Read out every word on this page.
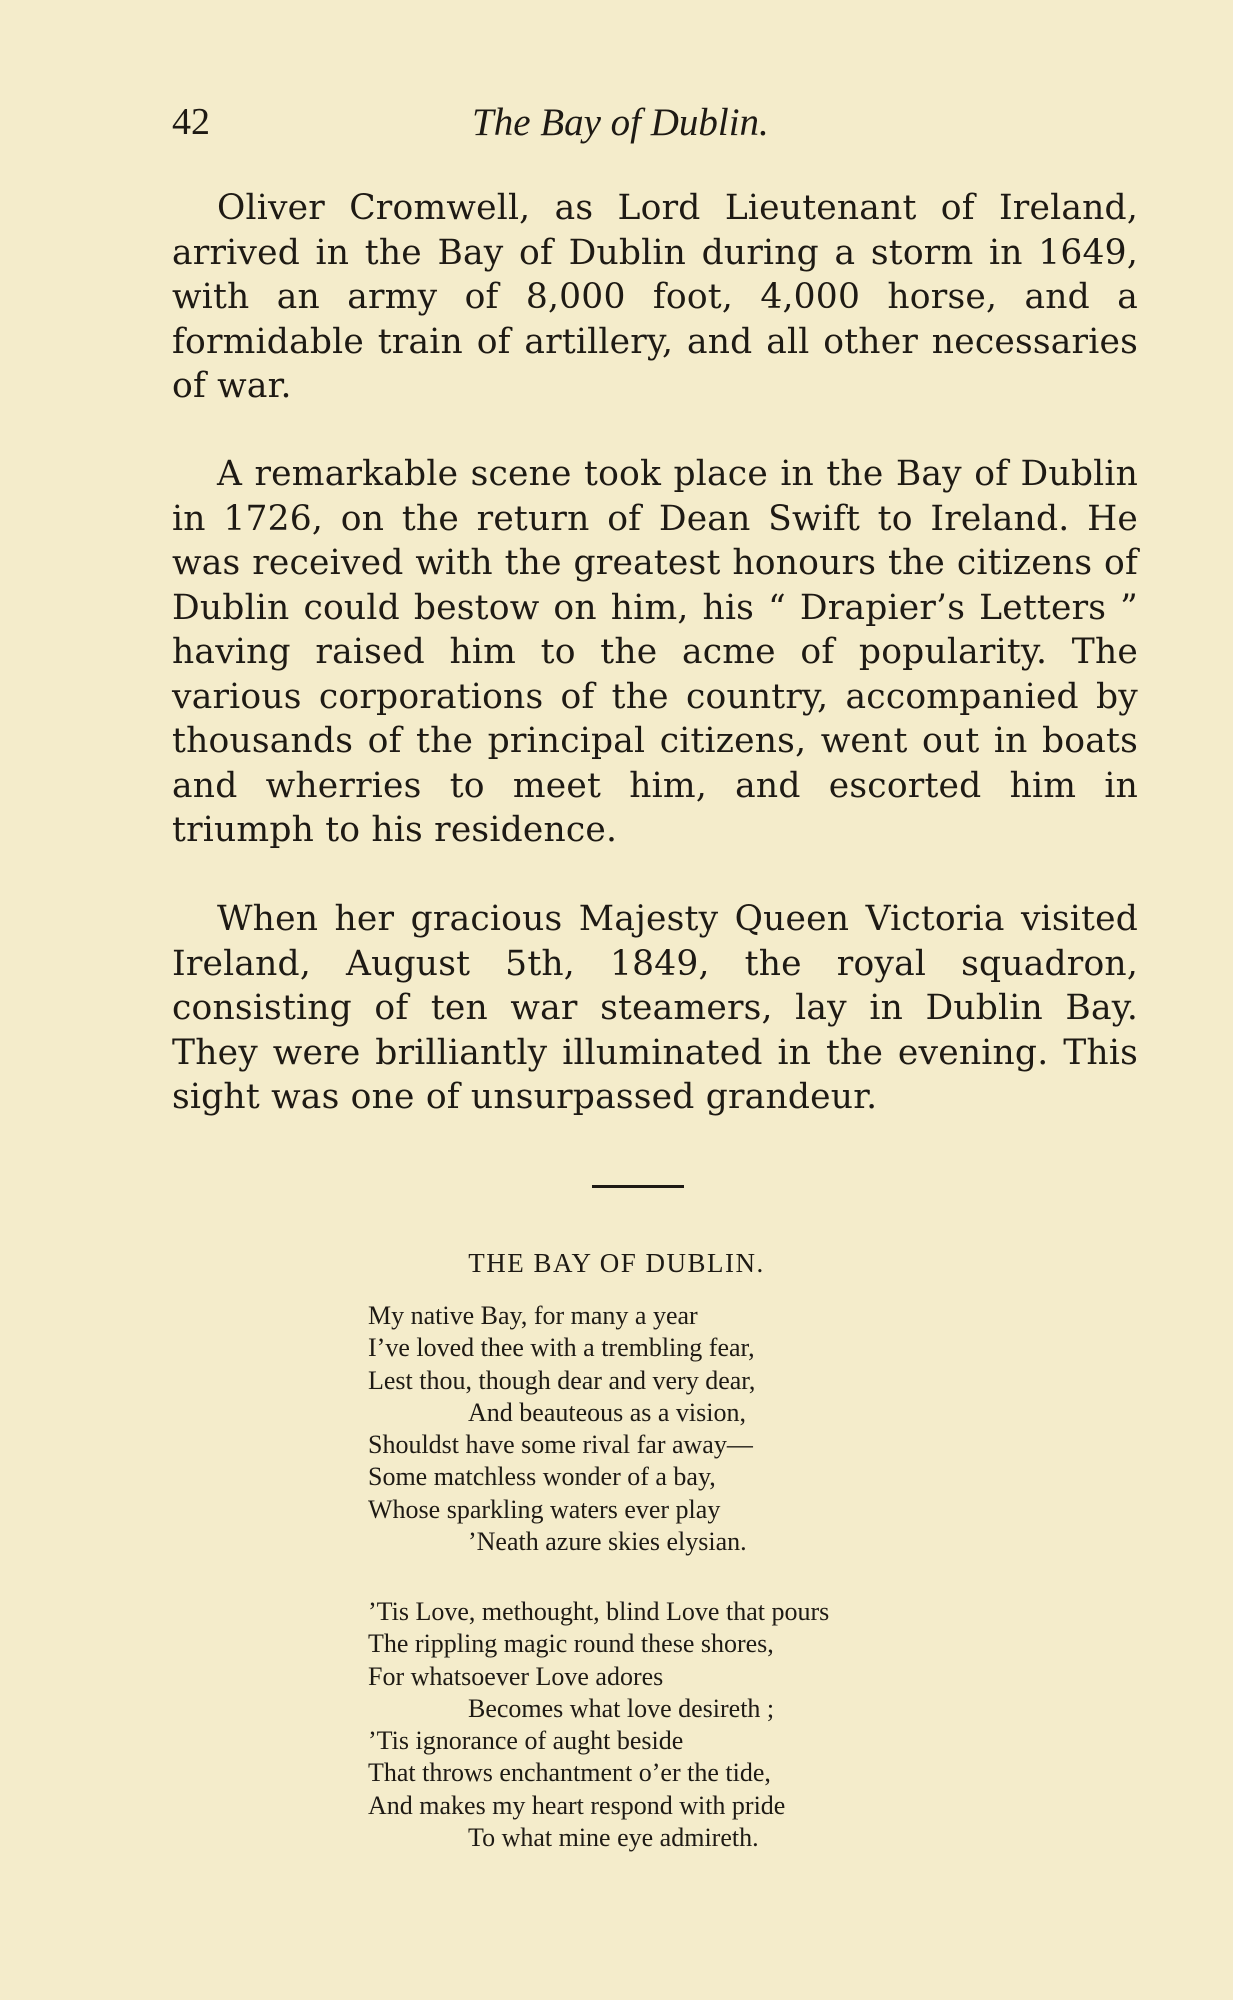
42	The Bay of Dublin.

Oliver Cromwell, as Lord Lieutenant of Ireland, arrived in the Bay of Dublin during a storm in 1649, with an army of 8,000 foot, 4,000 horse, and a formidable train of artillery, and all other necessaries of war.

A remarkable scene took place in the Bay of Dublin in 1726, on the return of Dean Swift to Ireland. He was received with the greatest honours the citizens of Dublin could bestow on him, his “ Drapier’s Letters ” having raised him to the acme of popularity. The various corporations of the country, accompanied by thousands of the principal citizens, went out in boats and wherries to meet him, and escorted him in triumph to his residence.

When her gracious Majesty Queen Victoria visited Ireland, August 5th, 1849, the royal squadron, consisting of ten war steamers, lay in Dublin Bay. They were brilliantly illuminated in the evening. This sight was one of unsurpassed grandeur.

THE BAY OF DUBLIN.
My native Bay, for many a year
I’ve loved thee with a trembling fear,
Lest thou, though dear and very dear,
And beauteous as a vision,
Shouldst have some rival far away—
Some matchless wonder of a bay,
Whose sparkling waters ever play
’Neath azure skies elysian.
’Tis Love, methought, blind Love that pours
The rippling magic round these shores,
For whatsoever Love adores
Becomes what love desireth ;
’Tis ignorance of aught beside
That throws enchantment o’er the tide,
And makes my heart respond with pride
To what mine eye admireth.
